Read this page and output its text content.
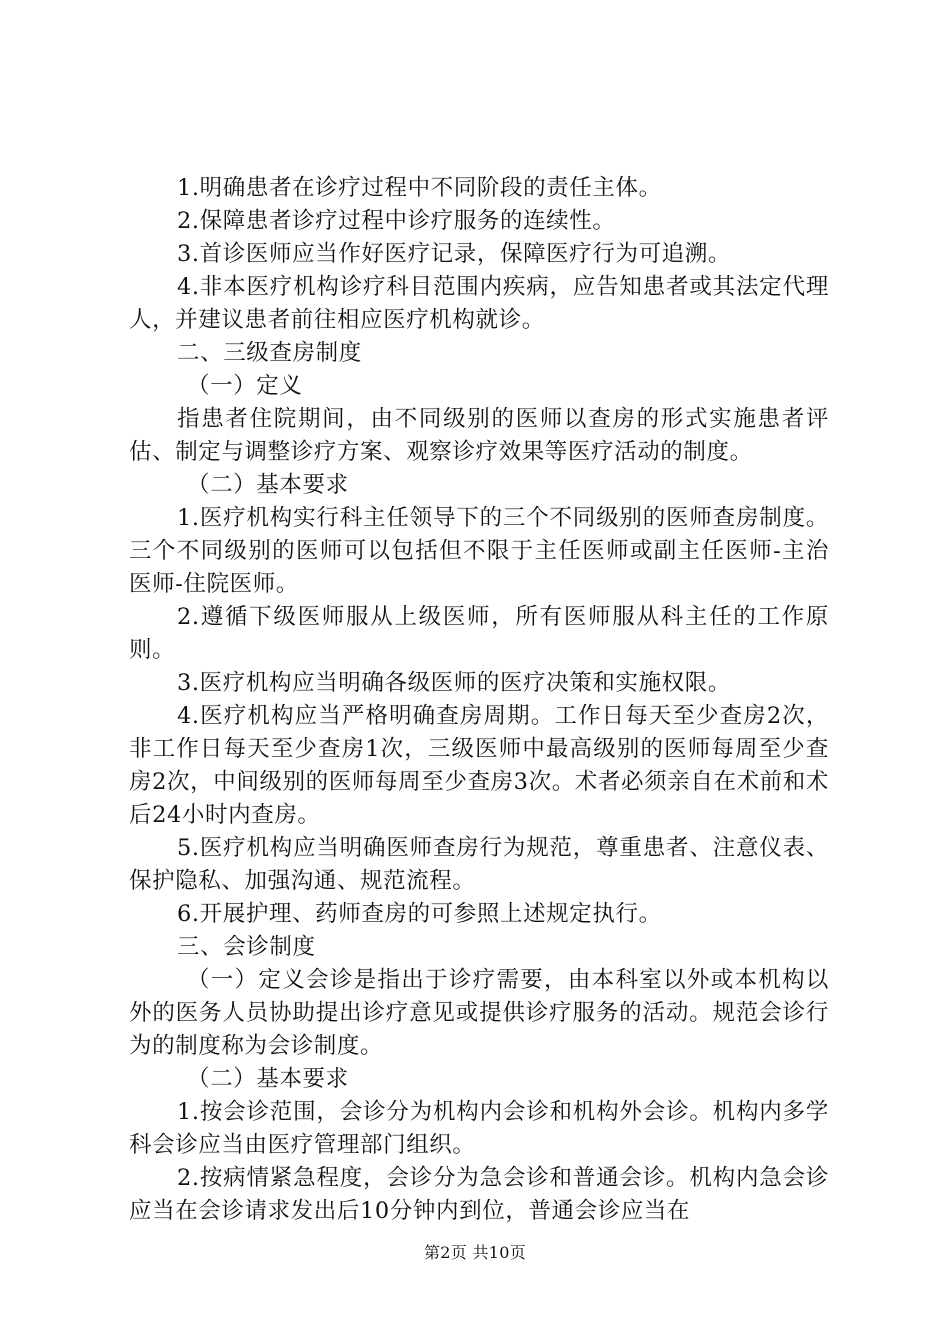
1.明确患者在诊疗过程中不同阶段的责任主体。

2.保障患者诊疗过程中诊疗服务的连续性。

3.首诊医师应当作好医疗记录，保障医疗行为可追溯。

4.非本医疗机构诊疗科目范围内疾病，应告知患者或其法定代理人，并建议患者前往相应医疗机构就诊。

二、三级查房制度

（一）定义

指患者住院期间，由不同级别的医师以查房的形式实施患者评估、制定与调整诊疗方案、观察诊疗效果等医疗活动的制度。

（二）基本要求

1.医疗机构实行科主任领导下的三个不同级别的医师查房制度。三个不同级别的医师可以包括但不限于主任医师或副主任医师-主治医师-住院医师。

2.遵循下级医师服从上级医师，所有医师服从科主任的工作原则。

3.医疗机构应当明确各级医师的医疗决策和实施权限。

4.医疗机构应当严格明确查房周期。工作日每天至少查房2次，非工作日每天至少查房1次，三级医师中最高级别的医师每周至少查房2次，中间级别的医师每周至少查房3次。术者必须亲自在术前和术后24小时内查房。

5.医疗机构应当明确医师查房行为规范，尊重患者、注意仪表、保护隐私、加强沟通、规范流程。

6.开展护理、药师查房的可参照上述规定执行。

三、会诊制度

（一）定义会诊是指出于诊疗需要，由本科室以外或本机构以外的医务人员协助提出诊疗意见或提供诊疗服务的活动。规范会诊行为的制度称为会诊制度。

（二）基本要求

1.按会诊范围，会诊分为机构内会诊和机构外会诊。机构内多学科会诊应当由医疗管理部门组织。

2.按病情紧急程度，会诊分为急会诊和普通会诊。机构内急会诊应当在会诊请求发出后10分钟内到位，普通会诊应当在

第2页 共10页
